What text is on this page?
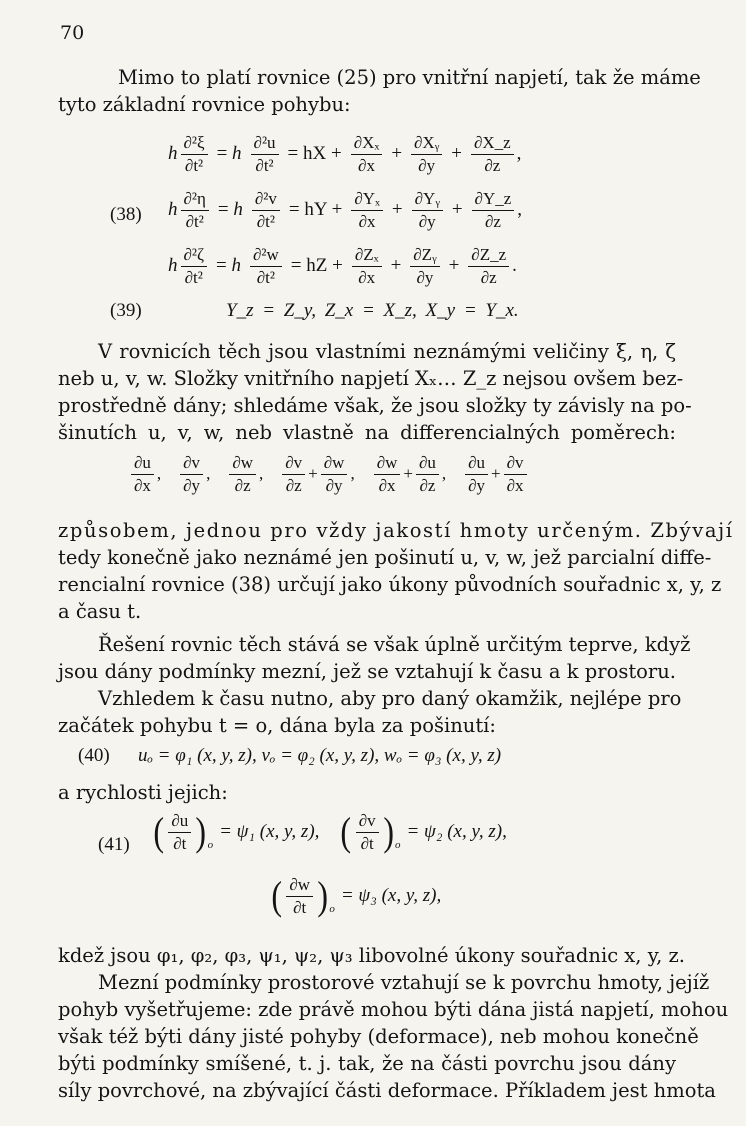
70
Mimo to platí rovnice (25) pro vnitřní napjetí, tak že máme
tyto základní rovnice pohybu:
(38)
h $\frac{\text{∂²ξ}}{\text{∂t²}} = h \frac{\text{∂²u}}{\text{∂t²}}$ = hX + $\frac{\text{∂Xₓ}}{\partial x} + \frac{\text{∂Xᵧ}}{\partial y} + \frac{\partial X\_z}{\partial z}$ ,
h $\frac{\text{∂²η}}{\text{∂t²}} = h \frac{\text{∂²v}}{\text{∂t²}}$ = hY + $\frac{\text{∂Yₓ}}{\partial x} + \frac{\text{∂Yᵧ}}{\partial y} + \frac{\partial Y\_z}{\partial z}$ ,
h $\frac{\text{∂²ζ}}{\text{∂t²}} = h \frac{\text{∂²w}}{\text{∂t²}}$ = hZ + $\frac{\text{∂Zₓ}}{\partial x} + \frac{\text{∂Zᵧ}}{\partial y} + \frac{\partial Z\_z}{\partial z}$ .
(39)	Y_z = Z_y, Z_x = X_z, X_y = Y_x.
V rovnicích těch jsou vlastními neznámými veličiny ξ, η, ζ
neb u, v, w. Složky vnitřního napjetí Xₓ… Z_z nejsou ovšem bez-
prostředně dány; shledáme však, že jsou složky ty závisly na po-
šinutích u, v, w, neb vlastně na differencialných poměrech:
$\frac{\partial u}{\partial x}$ , $\frac{\partial v}{\partial y}$ , $\frac{\partial w}{\partial z}$ , $\frac{\partial v}{\partial z} + \frac{\partial w}{\partial y}$ , $\frac{\partial w}{\partial x} + \frac{\partial u}{\partial z}$ , $\frac{\partial u}{\partial y} + \frac{\partial v}{\partial x}$
způsobem, jednou pro vždy jakostí hmoty určeným. Zbývají
tedy konečně jako neznámé jen pošinutí u, v, w, jež parcialní diffe-
rencialní rovnice (38) určují jako úkony původních souřadnic x, y, z
a času t.
Řešení rovnic těch stává se však úplně určitým teprve, když
jsou dány podmínky mezní, jež se vztahují k času a k prostoru.
Vzhledem k času nutno, aby pro daný okamžik, nejlépe pro
začátek pohybu t = o, dána byla za pošinutí:
(40) uₒ = φ₁ (x, y, z), vₒ = φ₂ (x, y, z), wₒ = φ₃ (x, y, z)
a rychlosti jejich:
(41) ( $\frac{\partial u}{\partial t}$ ) o
= ψ₁ (x, y, z), ( $\frac{\partial v}{\partial t}$ ) o
= ψ₂ (x, y, z),
( $\frac{\partial w}{\partial t}$ ) o
= ψ₃ (x, y, z),
kdež jsou φ₁, φ₂, φ₃, ψ₁, ψ₂, ψ₃ libovolné úkony souřadnic x, y, z.
Mezní podmínky prostorové vztahují se k povrchu hmoty, jejíž
pohyb vyšetřujeme: zde právě mohou býti dána jistá napjetí, mohou
však též býti dány jisté pohyby (deformace), neb mohou konečně
býti podmínky smíšené, t. j. tak, že na části povrchu jsou dány
síly povrchové, na zbývající části deformace. Příkladem jest hmota
